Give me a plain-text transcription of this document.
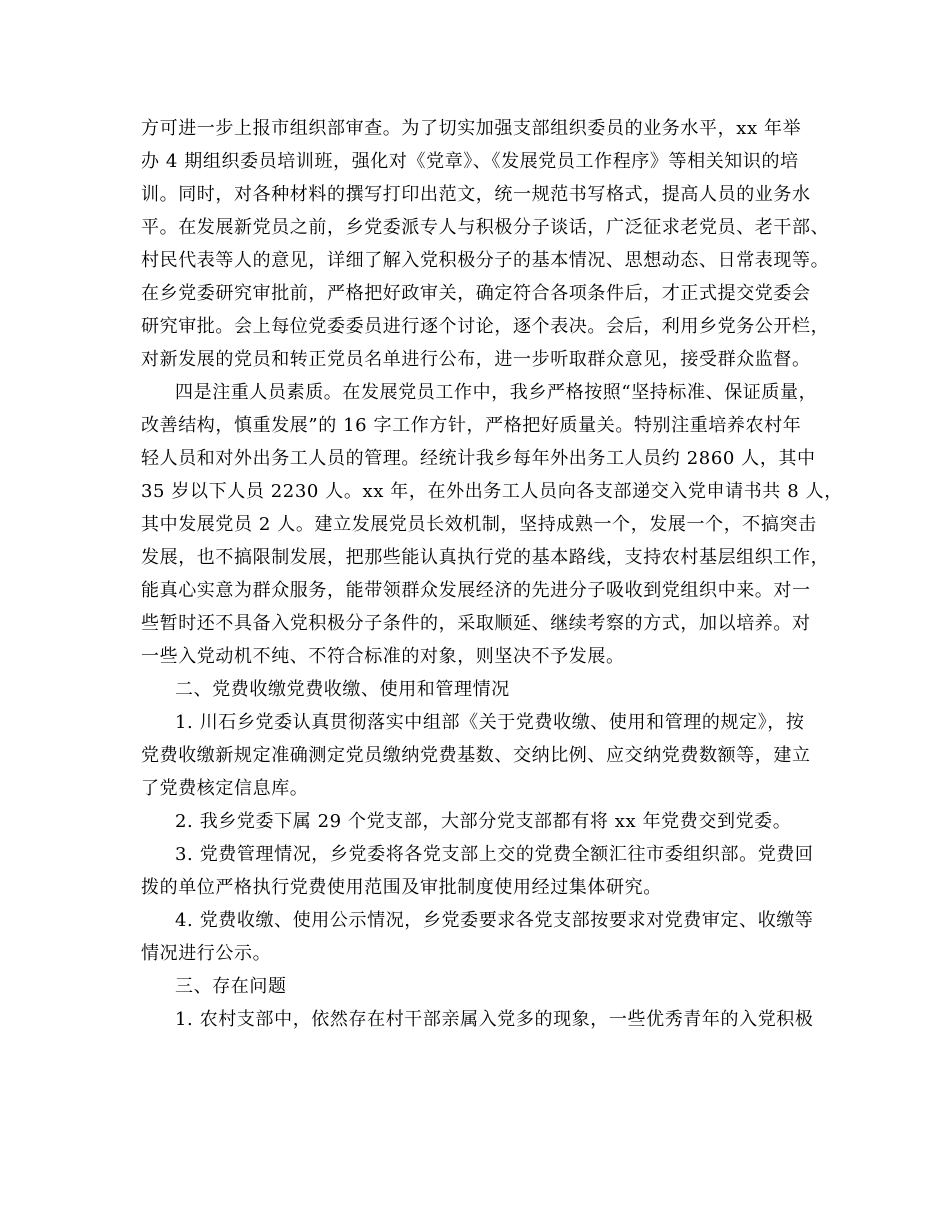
方可进一步上报市组织部审查。为了切实加强支部组织委员的业务水平，xx 年举
办 4 期组织委员培训班，强化对《党章》、《发展党员工作程序》等相关知识的培
训。同时，对各种材料的撰写打印出范文，统一规范书写格式，提高人员的业务水
平。在发展新党员之前，乡党委派专人与积极分子谈话，广泛征求老党员、老干部、
村民代表等人的意见，详细了解入党积极分子的基本情况、思想动态、日常表现等。
在乡党委研究审批前，严格把好政审关，确定符合各项条件后，才正式提交党委会
研究审批。会上每位党委委员进行逐个讨论，逐个表决。会后，利用乡党务公开栏，
对新发展的党员和转正党员名单进行公布，进一步听取群众意见，接受群众监督。
四是注重人员素质。在发展党员工作中，我乡严格按照“坚持标准、保证质量，
改善结构，慎重发展”的 16 字工作方针，严格把好质量关。特别注重培养农村年
轻人员和对外出务工人员的管理。经统计我乡每年外出务工人员约 2860 人，其中
35 岁以下人员 2230 人。xx 年，在外出务工人员向各支部递交入党申请书共 8 人，
其中发展党员 2 人。建立发展党员长效机制，坚持成熟一个，发展一个，不搞突击
发展，也不搞限制发展，把那些能认真执行党的基本路线，支持农村基层组织工作，
能真心实意为群众服务，能带领群众发展经济的先进分子吸收到党组织中来。对一
些暂时还不具备入党积极分子条件的，采取顺延、继续考察的方式，加以培养。对
一些入党动机不纯、不符合标准的对象，则坚决不予发展。
二、党费收缴党费收缴、使用和管理情况
1. 川石乡党委认真贯彻落实中组部《关于党费收缴、使用和管理的规定》，按
党费收缴新规定准确测定党员缴纳党费基数、交纳比例、应交纳党费数额等，建立
了党费核定信息库。
2. 我乡党委下属 29 个党支部，大部分党支部都有将 xx 年党费交到党委。
3. 党费管理情况，乡党委将各党支部上交的党费全额汇往市委组织部。党费回
拨的单位严格执行党费使用范围及审批制度使用经过集体研究。
4. 党费收缴、使用公示情况，乡党委要求各党支部按要求对党费审定、收缴等
情况进行公示。
三、存在问题
1. 农村支部中，依然存在村干部亲属入党多的现象，一些优秀青年的入党积极
